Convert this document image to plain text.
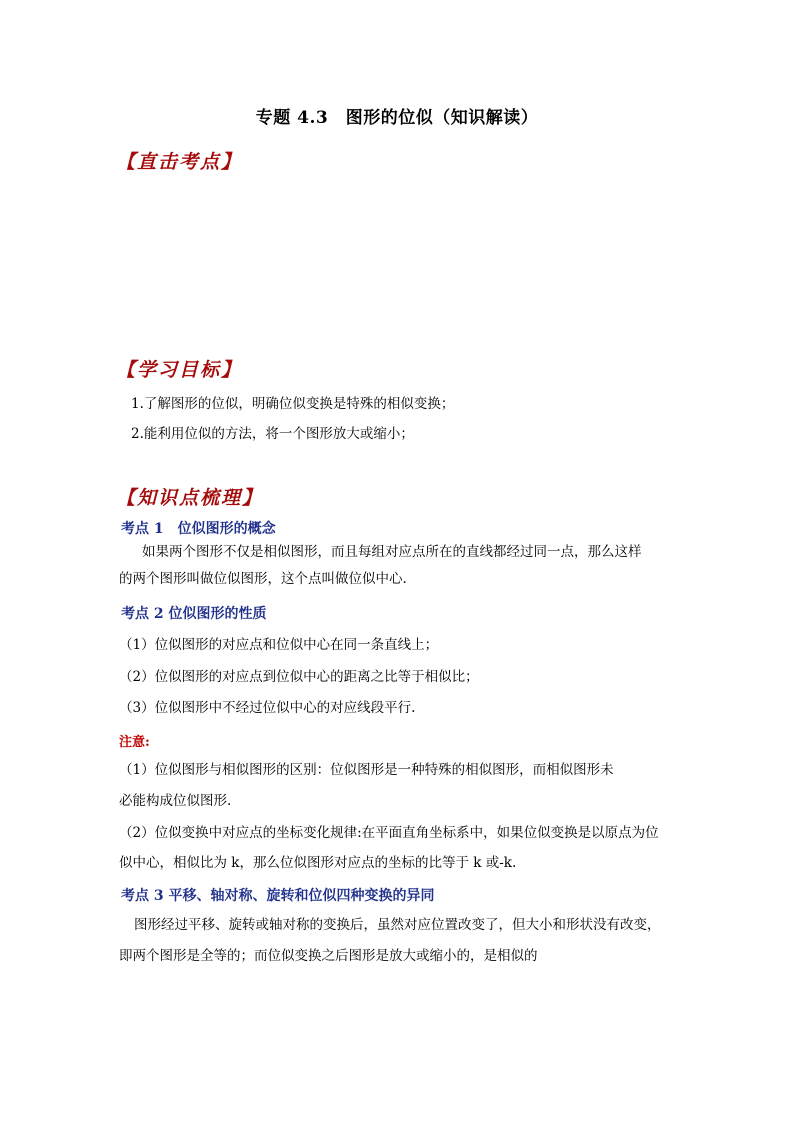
专题 4.3　图形的位似（知识解读）
【直击考点】
【学习目标】
1.了解图形的位似，明确位似变换是特殊的相似变换；
2.能利用位似的方法，将一个图形放大或缩小；
【知识点梳理】
考点 1　位似图形的概念
如果两个图形不仅是相似图形，而且每组对应点所在的直线都经过同一点，那么这样
的两个图形叫做位似图形，这个点叫做位似中心.
考点 2 位似图形的性质
（1）位似图形的对应点和位似中心在同一条直线上；
（2）位似图形的对应点到位似中心的距离之比等于相似比；
（3）位似图形中不经过位似中心的对应线段平行.
注意:
（1）位似图形与相似图形的区别：位似图形是一种特殊的相似图形，而相似图形未
必能构成位似图形.
（2）位似变换中对应点的坐标变化规律:在平面直角坐标系中，如果位似变换是以原点为位
似中心，相似比为 k，那么位似图形对应点的坐标的比等于 k 或-k.
考点 3 平移、轴对称、旋转和位似四种变换的异同
图形经过平移、旋转或轴对称的变换后，虽然对应位置改变了，但大小和形状没有改变，
即两个图形是全等的；而位似变换之后图形是放大或缩小的，是相似的
